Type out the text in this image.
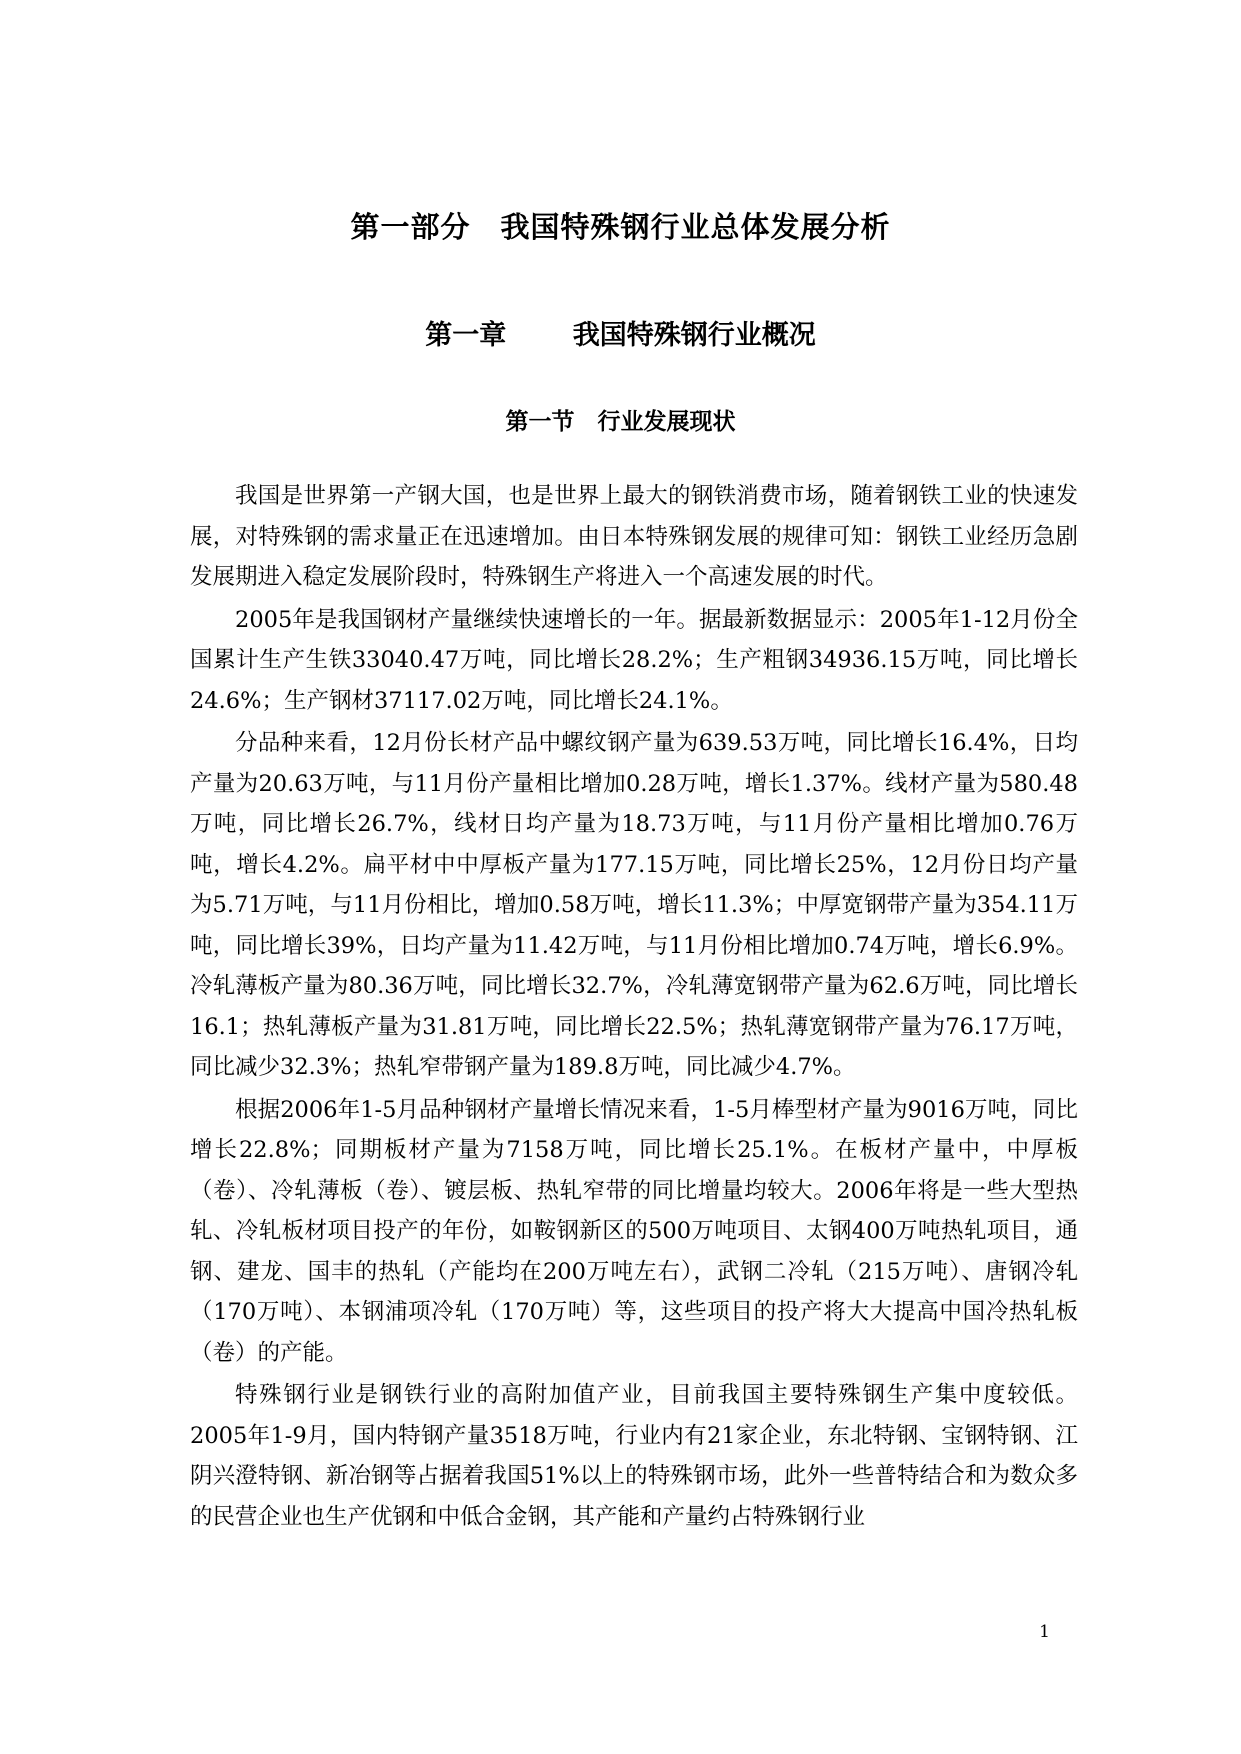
第一部分　我国特殊钢行业总体发展分析
第一章　 我国特殊钢行业概况
第一节　行业发展现状

我国是世界第一产钢大国，也是世界上最大的钢铁消费市场，随着钢铁工业的快速发展，对特殊钢的需求量正在迅速增加。由日本特殊钢发展的规律可知：钢铁工业经历急剧发展期进入稳定发展阶段时，特殊钢生产将进入一个高速发展的时代。

2005年是我国钢材产量继续快速增长的一年。据最新数据显示：2005年1-12月份全国累计生产生铁33040.47万吨，同比增长28.2%；生产粗钢34936.15万吨，同比增长24.6%；生产钢材37117.02万吨，同比增长24.1%。

分品种来看，12月份长材产品中螺纹钢产量为639.53万吨，同比增长16.4%，日均产量为20.63万吨，与11月份产量相比增加0.28万吨，增长1.37%。线材产量为580.48万吨，同比增长26.7%，线材日均产量为18.73万吨，与11月份产量相比增加0.76万吨，增长4.2%。扁平材中中厚板产量为177.15万吨，同比增长25%，12月份日均产量为5.71万吨，与11月份相比，增加0.58万吨，增长11.3%；中厚宽钢带产量为354.11万吨，同比增长39%，日均产量为11.42万吨，与11月份相比增加0.74万吨，增长6.9%。冷轧薄板产量为80.36万吨，同比增长32.7%，冷轧薄宽钢带产量为62.6万吨，同比增长16.1；热轧薄板产量为31.81万吨，同比增长22.5%；热轧薄宽钢带产量为76.17万吨，同比减少32.3%；热轧窄带钢产量为189.8万吨，同比减少4.7%。

根据2006年1-5月品种钢材产量增长情况来看，1-5月棒型材产量为9016万吨，同比增长22.8%；同期板材产量为7158万吨，同比增长25.1%。在板材产量中，中厚板（卷）、冷轧薄板（卷）、镀层板、热轧窄带的同比增量均较大。2006年将是一些大型热轧、冷轧板材项目投产的年份，如鞍钢新区的500万吨项目、太钢400万吨热轧项目，通钢、建龙、国丰的热轧（产能均在200万吨左右），武钢二冷轧（215万吨）、唐钢冷轧（170万吨）、本钢浦项冷轧（170万吨）等，这些项目的投产将大大提高中国冷热轧板（卷）的产能。

特殊钢行业是钢铁行业的高附加值产业，目前我国主要特殊钢生产集中度较低。2005年1-9月，国内特钢产量3518万吨，行业内有21家企业，东北特钢、宝钢特钢、江阴兴澄特钢、新冶钢等占据着我国51%以上的特殊钢市场，此外一些普特结合和为数众多的民营企业也生产优钢和中低合金钢，其产能和产量约占特殊钢行业

1
